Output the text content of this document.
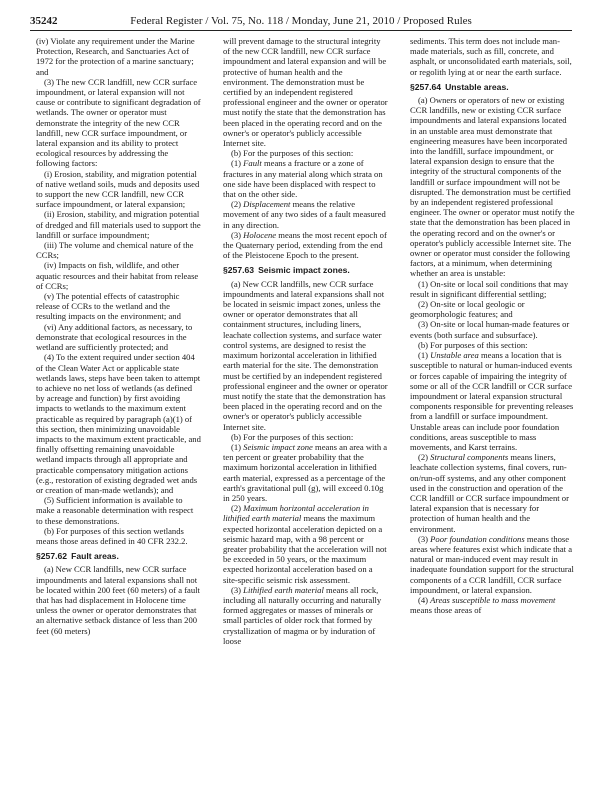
35242	Federal Register / Vol. 75, No. 118 / Monday, June 21, 2010 / Proposed Rules

(iv) Violate any requirement under the Marine Protection, Research, and Sanctuaries Act of 1972 for the protection of a marine sanctuary; and

(3) The new CCR landfill, new CCR surface impoundment, or lateral expansion will not cause or contribute to significant degradation of wetlands. The owner or operator must demonstrate the integrity of the new CCR landfill, new CCR surface impoundment, or lateral expansion and its ability to protect ecological resources by addressing the following factors:

(i) Erosion, stability, and migration potential of native wetland soils, muds and deposits used to support the new CCR landfill, new CCR surface impoundment, or lateral expansion;

(ii) Erosion, stability, and migration potential of dredged and fill materials used to support the landfill or surface impoundment;

(iii) The volume and chemical nature of the CCRs;

(iv) Impacts on fish, wildlife, and other aquatic resources and their habitat from release of CCRs;

(v) The potential effects of catastrophic release of CCRs to the wetland and the resulting impacts on the environment; and

(vi) Any additional factors, as necessary, to demonstrate that ecological resources in the wetland are sufficiently protected; and

(4) To the extent required under section 404 of the Clean Water Act or applicable state wetlands laws, steps have been taken to attempt to achieve no net loss of wetlands (as defined by acreage and function) by first avoiding impacts to wetlands to the maximum extent practicable as required by paragraph (a)(1) of this section, then minimizing unavoidable impacts to the maximum extent practicable, and finally offsetting remaining unavoidable wetland impacts through all appropriate and practicable compensatory mitigation actions (e.g., restoration of existing degraded wet ands or creation of man-made wetlands); and

(5) Sufficient information is available to make a reasonable determination with respect to these demonstrations.

(b) For purposes of this section wetlands means those areas defined in 40 CFR 232.2.

§257.62 Fault areas.

(a) New CCR landfills, new CCR surface impoundments and lateral expansions shall not be located within 200 feet (60 meters) of a fault that has had displacement in Holocene time unless the owner or operator demonstrates that an alternative setback distance of less than 200 feet (60 meters)

will prevent damage to the structural integrity of the new CCR landfill, new CCR surface impoundment and lateral expansion and will be protective of human health and the environment. The demonstration must be certified by an independent registered professional engineer and the owner or operator must notify the state that the demonstration has been placed in the operating record and on the owner's or operator's publicly accessible Internet site.

(b) For the purposes of this section:

(1) Fault means a fracture or a zone of fractures in any material along which strata on one side have been displaced with respect to that on the other side.

(2) Displacement means the relative movement of any two sides of a fault measured in any direction.

(3) Holocene means the most recent epoch of the Quaternary period, extending from the end of the Pleistocene Epoch to the present.

§257.63 Seismic impact zones.

(a) New CCR landfills, new CCR surface impoundments and lateral expansions shall not be located in seismic impact zones, unless the owner or operator demonstrates that all containment structures, including liners, leachate collection systems, and surface water control systems, are designed to resist the maximum horizontal acceleration in lithified earth material for the site. The demonstration must be certified by an independent registered professional engineer and the owner or operator must notify the state that the demonstration has been placed in the operating record and on the owner's or operator's publicly accessible Internet site.

(b) For the purposes of this section:

(1) Seismic impact zone means an area with a ten percent or greater probability that the maximum horizontal acceleration in lithified earth material, expressed as a percentage of the earth's gravitational pull (g), will exceed 0.10g in 250 years.

(2) Maximum horizontal acceleration in lithified earth material means the maximum expected horizontal acceleration depicted on a seismic hazard map, with a 98 percent or greater probability that the acceleration will not be exceeded in 50 years, or the maximum expected horizontal acceleration based on a site-specific seismic risk assessment.

(3) Lithified earth material means all rock, including all naturally occurring and naturally formed aggregates or masses of minerals or small particles of older rock that formed by crystallization of magma or by induration of loose

sediments. This term does not include man-made materials, such as fill, concrete, and asphalt, or unconsolidated earth materials, soil, or regolith lying at or near the earth surface.

§257.64 Unstable areas.

(a) Owners or operators of new or existing CCR landfills, new or existing CCR surface impoundments and lateral expansions located in an unstable area must demonstrate that engineering measures have been incorporated into the landfill, surface impoundment, or lateral expansion design to ensure that the integrity of the structural components of the landfill or surface impoundment will not be disrupted. The demonstration must be certified by an independent registered professional engineer. The owner or operator must notify the state that the demonstration has been placed in the operating record and on the owner's or operator's publicly accessible Internet site. The owner or operator must consider the following factors, at a minimum, when determining whether an area is unstable:

(1) On-site or local soil conditions that may result in significant differential settling;

(2) On-site or local geologic or geomorphologic features; and

(3) On-site or local human-made features or events (both surface and subsurface).

(b) For purposes of this section:

(1) Unstable area means a location that is susceptible to natural or human-induced events or forces capable of impairing the integrity of some or all of the CCR landfill or CCR surface impoundment or lateral expansion structural components responsible for preventing releases from a landfill or surface impoundment. Unstable areas can include poor foundation conditions, areas susceptible to mass movements, and Karst terrains.

(2) Structural components means liners, leachate collection systems, final covers, run-on/run-off systems, and any other component used in the construction and operation of the CCR landfill or CCR surface impoundment or lateral expansion that is necessary for protection of human health and the environment.

(3) Poor foundation conditions means those areas where features exist which indicate that a natural or man-induced event may result in inadequate foundation support for the structural components of a CCR landfill, CCR surface impoundment, or lateral expansion.

(4) Areas susceptible to mass movement means those areas of
